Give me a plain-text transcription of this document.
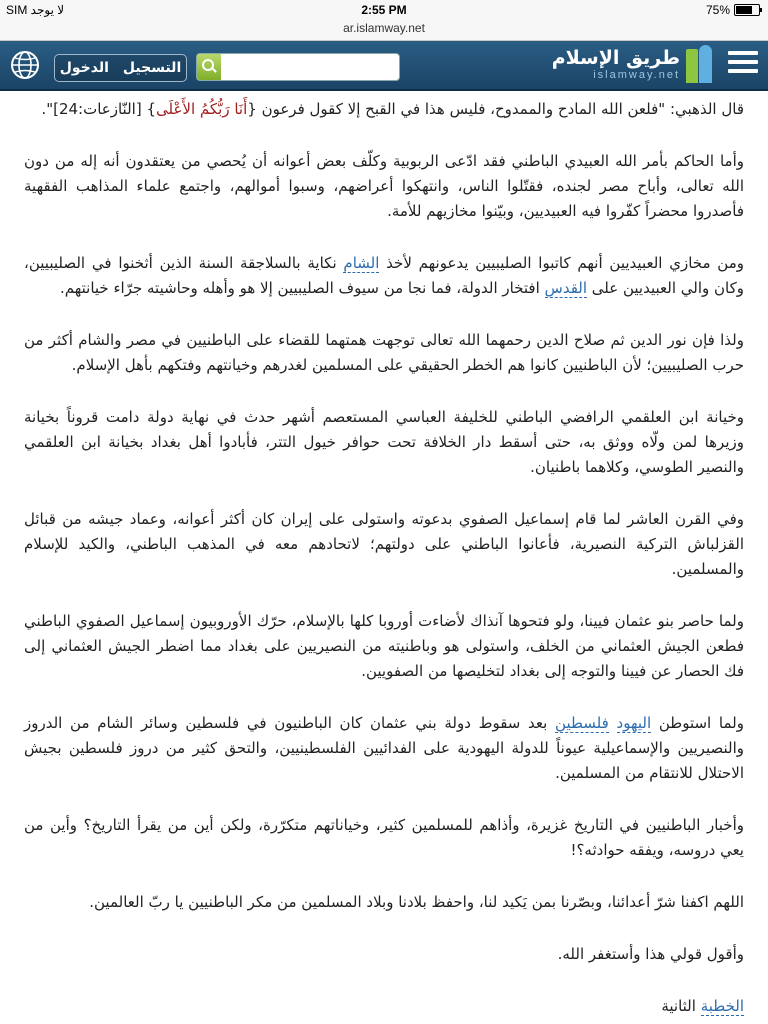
SIM لا يوجد	2:55 PM	75%
ar.islamway.net
طريق الإسلام
islamway.net
التسجيل
الدخول

قال الذهبي: "فلعن الله المادح والممدوح، فليس هذا في القبح إلا كقول فرعون {أَنَا رَبُّكُمُ الأَعْلَى} [النّازعات:24]".

وأما الحاكم بأمر الله العبيدي الباطني فقد ادّعى الربوبية وكلّف بعض أعوانه أن يُحصي من يعتقدون أنه إله من دون الله تعالى، وأباح مصر لجنده، فقتّلوا الناس، وانتهكوا أعراضهم، وسبوا أموالهم، واجتمع علماء المذاهب الفقهية فأصدروا محضراً كفّروا فيه العبيديين، وبيّنوا مخازيهم للأمة.

ومن مخازي العبيديين أنهم كاتبوا الصليبيين يدعونهم لأخذ الشام نكاية بالسلاجقة السنة الذين أثخنوا في الصليبيين، وكان والي العبيديين على القدس افتخار الدولة، فما نجا من سيوف الصليبيين إلا هو وأهله وحاشيته جرّاء خيانتهم.

ولذا فإن نور الدين ثم صلاح الدين رحمهما الله تعالى توجهت همتهما للقضاء على الباطنيين في مصر والشام أكثر من حرب الصليبيين؛ لأن الباطنيين كانوا هم الخطر الحقيقي على المسلمين لغدرهم وخيانتهم وفتكهم بأهل الإسلام.

وخيانة ابن العلقمي الرافضي الباطني للخليفة العباسي المستعصم أشهر حدث في نهاية دولة دامت قروناً بخيانة وزيرها لمن ولّاه ووثق به، حتى أسقط دار الخلافة تحت حوافر خيول التتر، فأبادوا أهل بغداد بخيانة ابن العلقمي والنصير الطوسي، وكلاهما باطنيان.

وفي القرن العاشر لما قام إسماعيل الصفوي بدعوته واستولى على إيران كان أكثر أعوانه، وعماد جيشه من قبائل القزلباش التركية النصيرية، فأعانوا الباطني على دولتهم؛ لاتحادهم معه في المذهب الباطني، والكيد للإسلام والمسلمين.

ولما حاصر بنو عثمان فيينا، ولو فتحوها آنذاك لأضاءت أوروبا كلها بالإسلام، حرّك الأوروبيون إسماعيل الصفوي الباطني فطعن الجيش العثماني من الخلف، واستولى هو وباطنيته من النصيريين على بغداد مما اضطر الجيش العثماني إلى فك الحصار عن فيينا والتوجه إلى بغداد لتخليصها من الصفويين.

ولما استوطن اليهود فلسطين بعد سقوط دولة بني عثمان كان الباطنيون في فلسطين وسائر الشام من الدروز والنصيريين والإسماعيلية عيوناً للدولة اليهودية على الفدائيين الفلسطينيين، والتحق كثير من دروز فلسطين بجيش الاحتلال للانتقام من المسلمين.

وأخبار الباطنيين في التاريخ غزيرة، وأذاهم للمسلمين كثير، وخياناتهم متكرّرة، ولكن أين من يقرأ التاريخ؟ وأين من يعي دروسه، ويفقه حوادثه؟!

اللهم اكفنا شرّ أعدائنا، وبصّرنا بمن يَكيد لنا، واحفظ بلادنا وبلاد المسلمين من مكر الباطنيين يا ربّ العالمين.

وأقول قولي هذا وأستغفر الله.

الخطبة الثانية
